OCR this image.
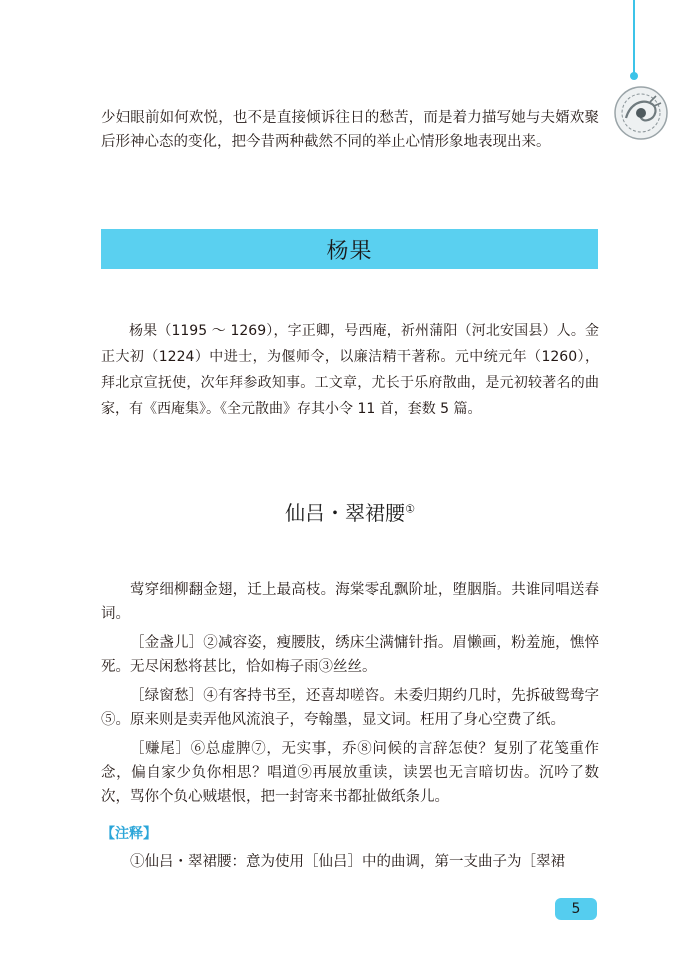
少妇眼前如何欢悦，也不是直接倾诉往日的愁苦，而是着力描写她与夫婿欢聚后形神心态的变化，把今昔两种截然不同的举止心情形象地表现出来。

杨果

杨果（1195 ～ 1269），字正卿，号西庵，祈州蒲阳（河北安国县）人。金正大初（1224）中进士，为偃师令，以廉洁精干著称。元中统元年（1260），拜北京宣抚使，次年拜参政知事。工文章，尤长于乐府散曲，是元初较著名的曲家，有《西庵集》。《全元散曲》存其小令 11 首，套数 5 篇。

仙吕・翠裙腰①

莺穿细柳翻金翅，迁上最高枝。海棠零乱飘阶址，堕胭脂。共谁同唱送春词。

［金盏儿］②减容姿，瘦腰肢，绣床尘满慵针指。眉懒画，粉羞施，憔悴死。无尽闲愁将甚比，恰如梅子雨③丝丝。

［绿窗愁］④有客持书至，还喜却嗟咨。未委归期约几时，先拆破鸳鸯字⑤。原来则是卖弄他风流浪子，夸翰墨，显文词。枉用了身心空费了纸。

［赚尾］⑥总虚脾⑦，无实事，乔⑧问候的言辞怎使？复别了花笺重作念，偏自家少负你相思？唱道⑨再展放重读，读罢也无言暗切齿。沉吟了数次，骂你个负心贼堪恨，把一封寄来书都扯做纸条儿。

【注释】

①仙吕・翠裙腰：意为使用［仙吕］中的曲调，第一支曲子为［翠裙

5
